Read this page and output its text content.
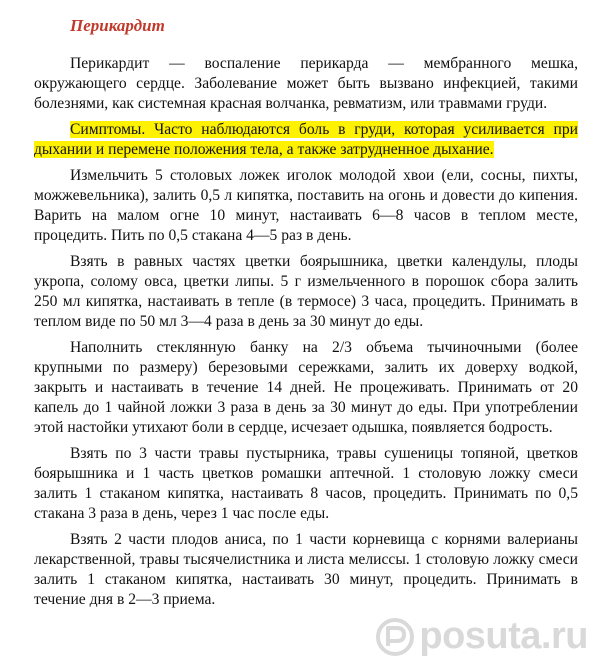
Перикардит

Перикардит — воспаление перикарда — мембранного мешка, окружающего сердце. Заболевание может быть вызвано инфекцией, такими болезнями, как системная красная волчанка, ревматизм, или травмами груди.

Симптомы. Часто наблюдаются боль в груди, которая усиливается при дыхании и перемене положения тела, а также затрудненное дыхание.

Измельчить 5 столовых ложек иголок молодой хвои (ели, сосны, пихты, можжевельника), залить 0,5 л кипятка, поставить на огонь и довести до кипения. Варить на малом огне 10 минут, настаивать 6—8 часов в теплом месте, процедить. Пить по 0,5 стакана 4—5 раз в день.

Взять в равных частях цветки боярышника, цветки календулы, плоды укропа, солому овса, цветки липы. 5 г измельченного в порошок сбора залить 250 мл кипятка, настаивать в тепле (в термосе) 3 часа, процедить. Принимать в теплом виде по 50 мл 3—4 раза в день за 30 минут до еды.

Наполнить стеклянную банку на 2/3 объема тычиночными (более крупными по размеру) березовыми сережками, залить их доверху водкой, закрыть и настаивать в течение 14 дней. Не процеживать. Принимать от 20 капель до 1 чайной ложки 3 раза в день за 30 минут до еды. При употреблении этой настойки утихают боли в сердце, исчезает одышка, появляется бодрость.

Взять по 3 части травы пустырника, травы сушеницы топяной, цветков боярышника и 1 часть цветков ромашки аптечной. 1 столовую ложку смеси залить 1 стаканом кипятка, настаивать 8 часов, процедить. Принимать по 0,5 стакана 3 раза в день, через 1 час после еды.

Взять 2 части плодов аниса, по 1 части корневища с корнями валерианы лекарственной, травы тысячелистника и листа мелиссы. 1 столовую ложку смеси залить 1 стаканом кипятка, настаивать 30 минут, процедить. Принимать в течение дня в 2—3 приема.

posuta.ru
